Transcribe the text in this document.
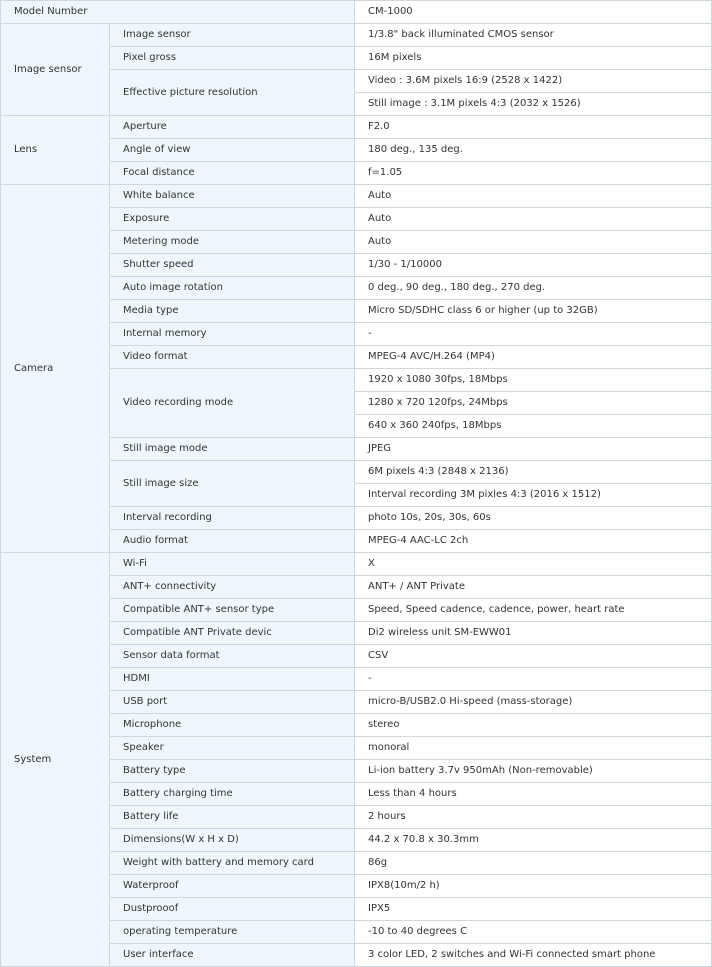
Model Number		CM-1000
Image sensor	Image sensor	1/3.8" back illuminated CMOS sensor
	Pixel gross	16M pixels
	Effective picture resolution	Video : 3.6M pixels 16:9 (2528 x 1422)
		Still image : 3.1M pixels 4:3 (2032 x 1526)
Lens	Aperture	F2.0
	Angle of view	180 deg., 135 deg.
	Focal distance	f=1.05
Camera	White balance	Auto
	Exposure	Auto
	Metering mode	Auto
	Shutter speed	1/30 - 1/10000
	Auto image rotation	0 deg., 90 deg., 180 deg., 270 deg.
	Media type	Micro SD/SDHC class 6 or higher (up to 32GB)
	Internal memory	-
	Video format	MPEG-4 AVC/H.264 (MP4)
	Video recording mode	1920 x 1080 30fps, 18Mbps
		1280 x 720 120fps, 24Mbps
		640 x 360 240fps, 18Mbps
	Still image mode	JPEG
	Still image size	6M pixels 4:3 (2848 x 2136)
		Interval recording 3M pixles 4:3 (2016 x 1512)
	Interval recording	photo 10s, 20s, 30s, 60s
	Audio format	MPEG-4 AAC-LC 2ch
System	Wi-Fi	X
	ANT+ connectivity	ANT+ / ANT Private
	Compatible ANT+ sensor type	Speed, Speed cadence, cadence, power, heart rate
	Compatible ANT Private devic	Di2 wireless unit SM-EWW01
	Sensor data format	CSV
	HDMI	-
	USB port	micro-B/USB2.0 Hi-speed (mass-storage)
	Microphone	stereo
	Speaker	monoral
	Battery type	Li-ion battery 3.7v 950mAh (Non-removable)
	Battery charging time	Less than 4 hours
	Battery life	2 hours
	Dimensions(W x H x D)	44.2 x 70.8 x 30.3mm
	Weight with battery and memory card	86g
	Waterproof	IPX8(10m/2 h)
	Dustprooof	IPX5
	operating temperature	-10 to 40 degrees C
	User interface	3 color LED, 2 switches and Wi-Fi connected smart phone
